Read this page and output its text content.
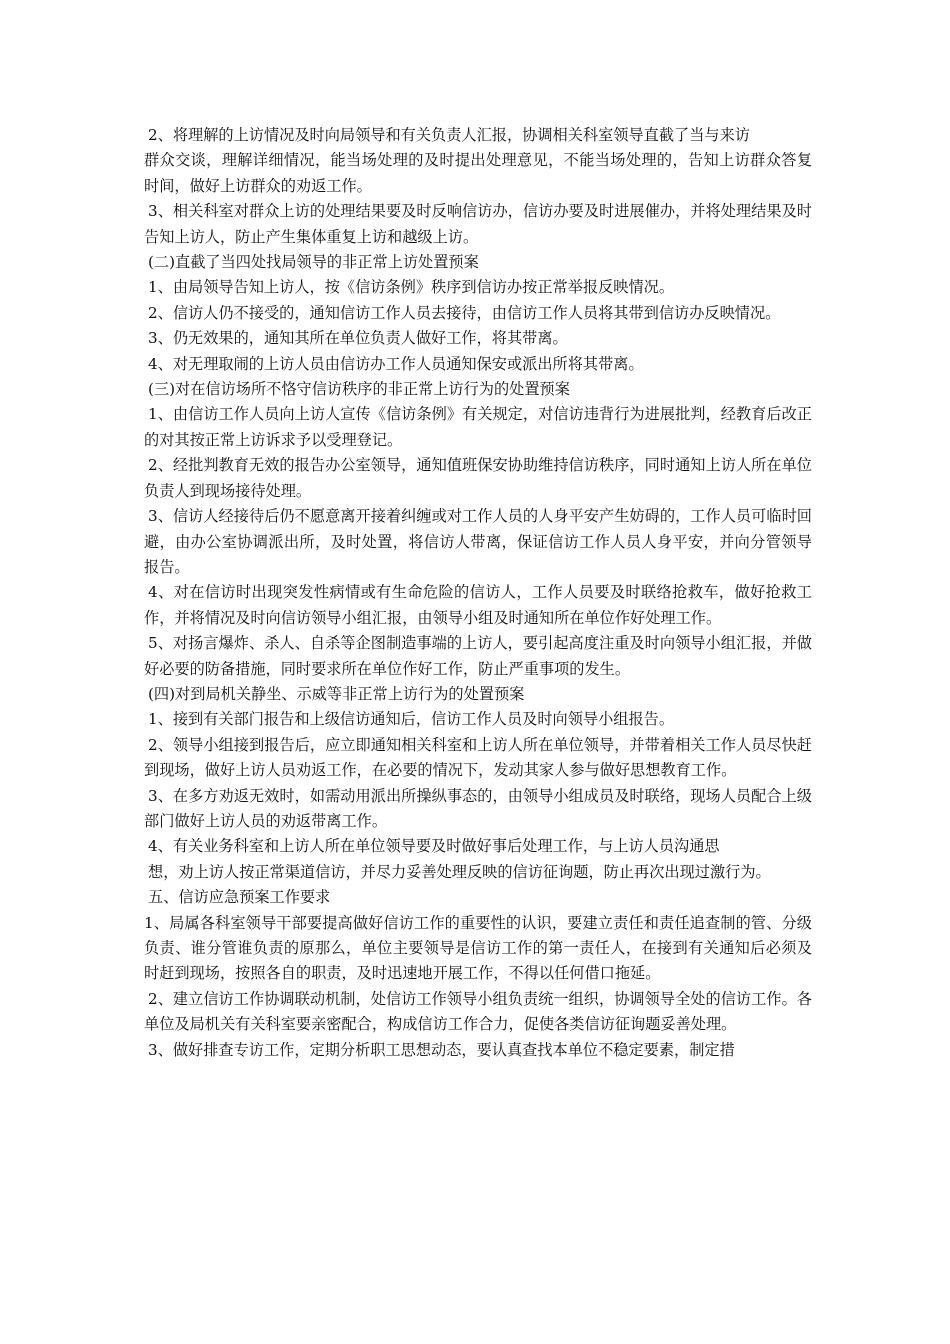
2、将理解的上访情况及时向局领导和有关负责人汇报，协调相关科室领导直截了当与来访

群众交谈，理解详细情况，能当场处理的及时提出处理意见，不能当场处理的，告知上访群众答复时间，做好上访群众的劝返工作。

3、相关科室对群众上访的处理结果要及时反响信访办，信访办要及时进展催办，并将处理结果及时告知上访人，防止产生集体重复上访和越级上访。

(二)直截了当四处找局领导的非正常上访处置预案

1、由局领导告知上访人，按《信访条例》秩序到信访办按正常举报反映情况。

2、信访人仍不接受的，通知信访工作人员去接待，由信访工作人员将其带到信访办反映情况。

3、仍无效果的，通知其所在单位负责人做好工作，将其带离。

4、对无理取闹的上访人员由信访办工作人员通知保安或派出所将其带离。

(三)对在信访场所不恪守信访秩序的非正常上访行为的处置预案

1、由信访工作人员向上访人宣传《信访条例》有关规定，对信访违背行为进展批判，经教育后改正的对其按正常上访诉求予以受理登记。

2、经批判教育无效的报告办公室领导，通知值班保安协助维持信访秩序，同时通知上访人所在单位负责人到现场接待处理。

3、信访人经接待后仍不愿意离开接着纠缠或对工作人员的人身平安产生妨碍的，工作人员可临时回避，由办公室协调派出所，及时处置，将信访人带离，保证信访工作人员人身平安，并向分管领导报告。

4、对在信访时出现突发性病情或有生命危险的信访人，工作人员要及时联络抢救车，做好抢救工作，并将情况及时向信访领导小组汇报，由领导小组及时通知所在单位作好处理工作。

5、对扬言爆炸、杀人、自杀等企图制造事端的上访人，要引起高度注重及时向领导小组汇报，并做好必要的防备措施，同时要求所在单位作好工作，防止严重事项的发生。

(四)对到局机关静坐、示威等非正常上访行为的处置预案

1、接到有关部门报告和上级信访通知后，信访工作人员及时向领导小组报告。

2、领导小组接到报告后，应立即通知相关科室和上访人所在单位领导，并带着相关工作人员尽快赶到现场，做好上访人员劝返工作，在必要的情况下，发动其家人参与做好思想教育工作。

3、在多方劝返无效时，如需动用派出所操纵事态的，由领导小组成员及时联络，现场人员配合上级部门做好上访人员的劝返带离工作。

4、有关业务科室和上访人所在单位领导要及时做好事后处理工作，与上访人员沟通思

想，劝上访人按正常渠道信访，并尽力妥善处理反映的信访征询题，防止再次出现过激行为。

五、信访应急预案工作要求

1、局属各科室领导干部要提高做好信访工作的重要性的认识，要建立责任和责任追查制的管、分级负责、谁分管谁负责的原那么，单位主要领导是信访工作的第一责任人，在接到有关通知后必须及时赶到现场，按照各自的职责，及时迅速地开展工作，不得以任何借口拖延。

2、建立信访工作协调联动机制，处信访工作领导小组负责统一组织，协调领导全处的信访工作。各单位及局机关有关科室要亲密配合，构成信访工作合力，促使各类信访征询题妥善处理。

3、做好排查专访工作，定期分析职工思想动态，要认真查找本单位不稳定要素，制定措
